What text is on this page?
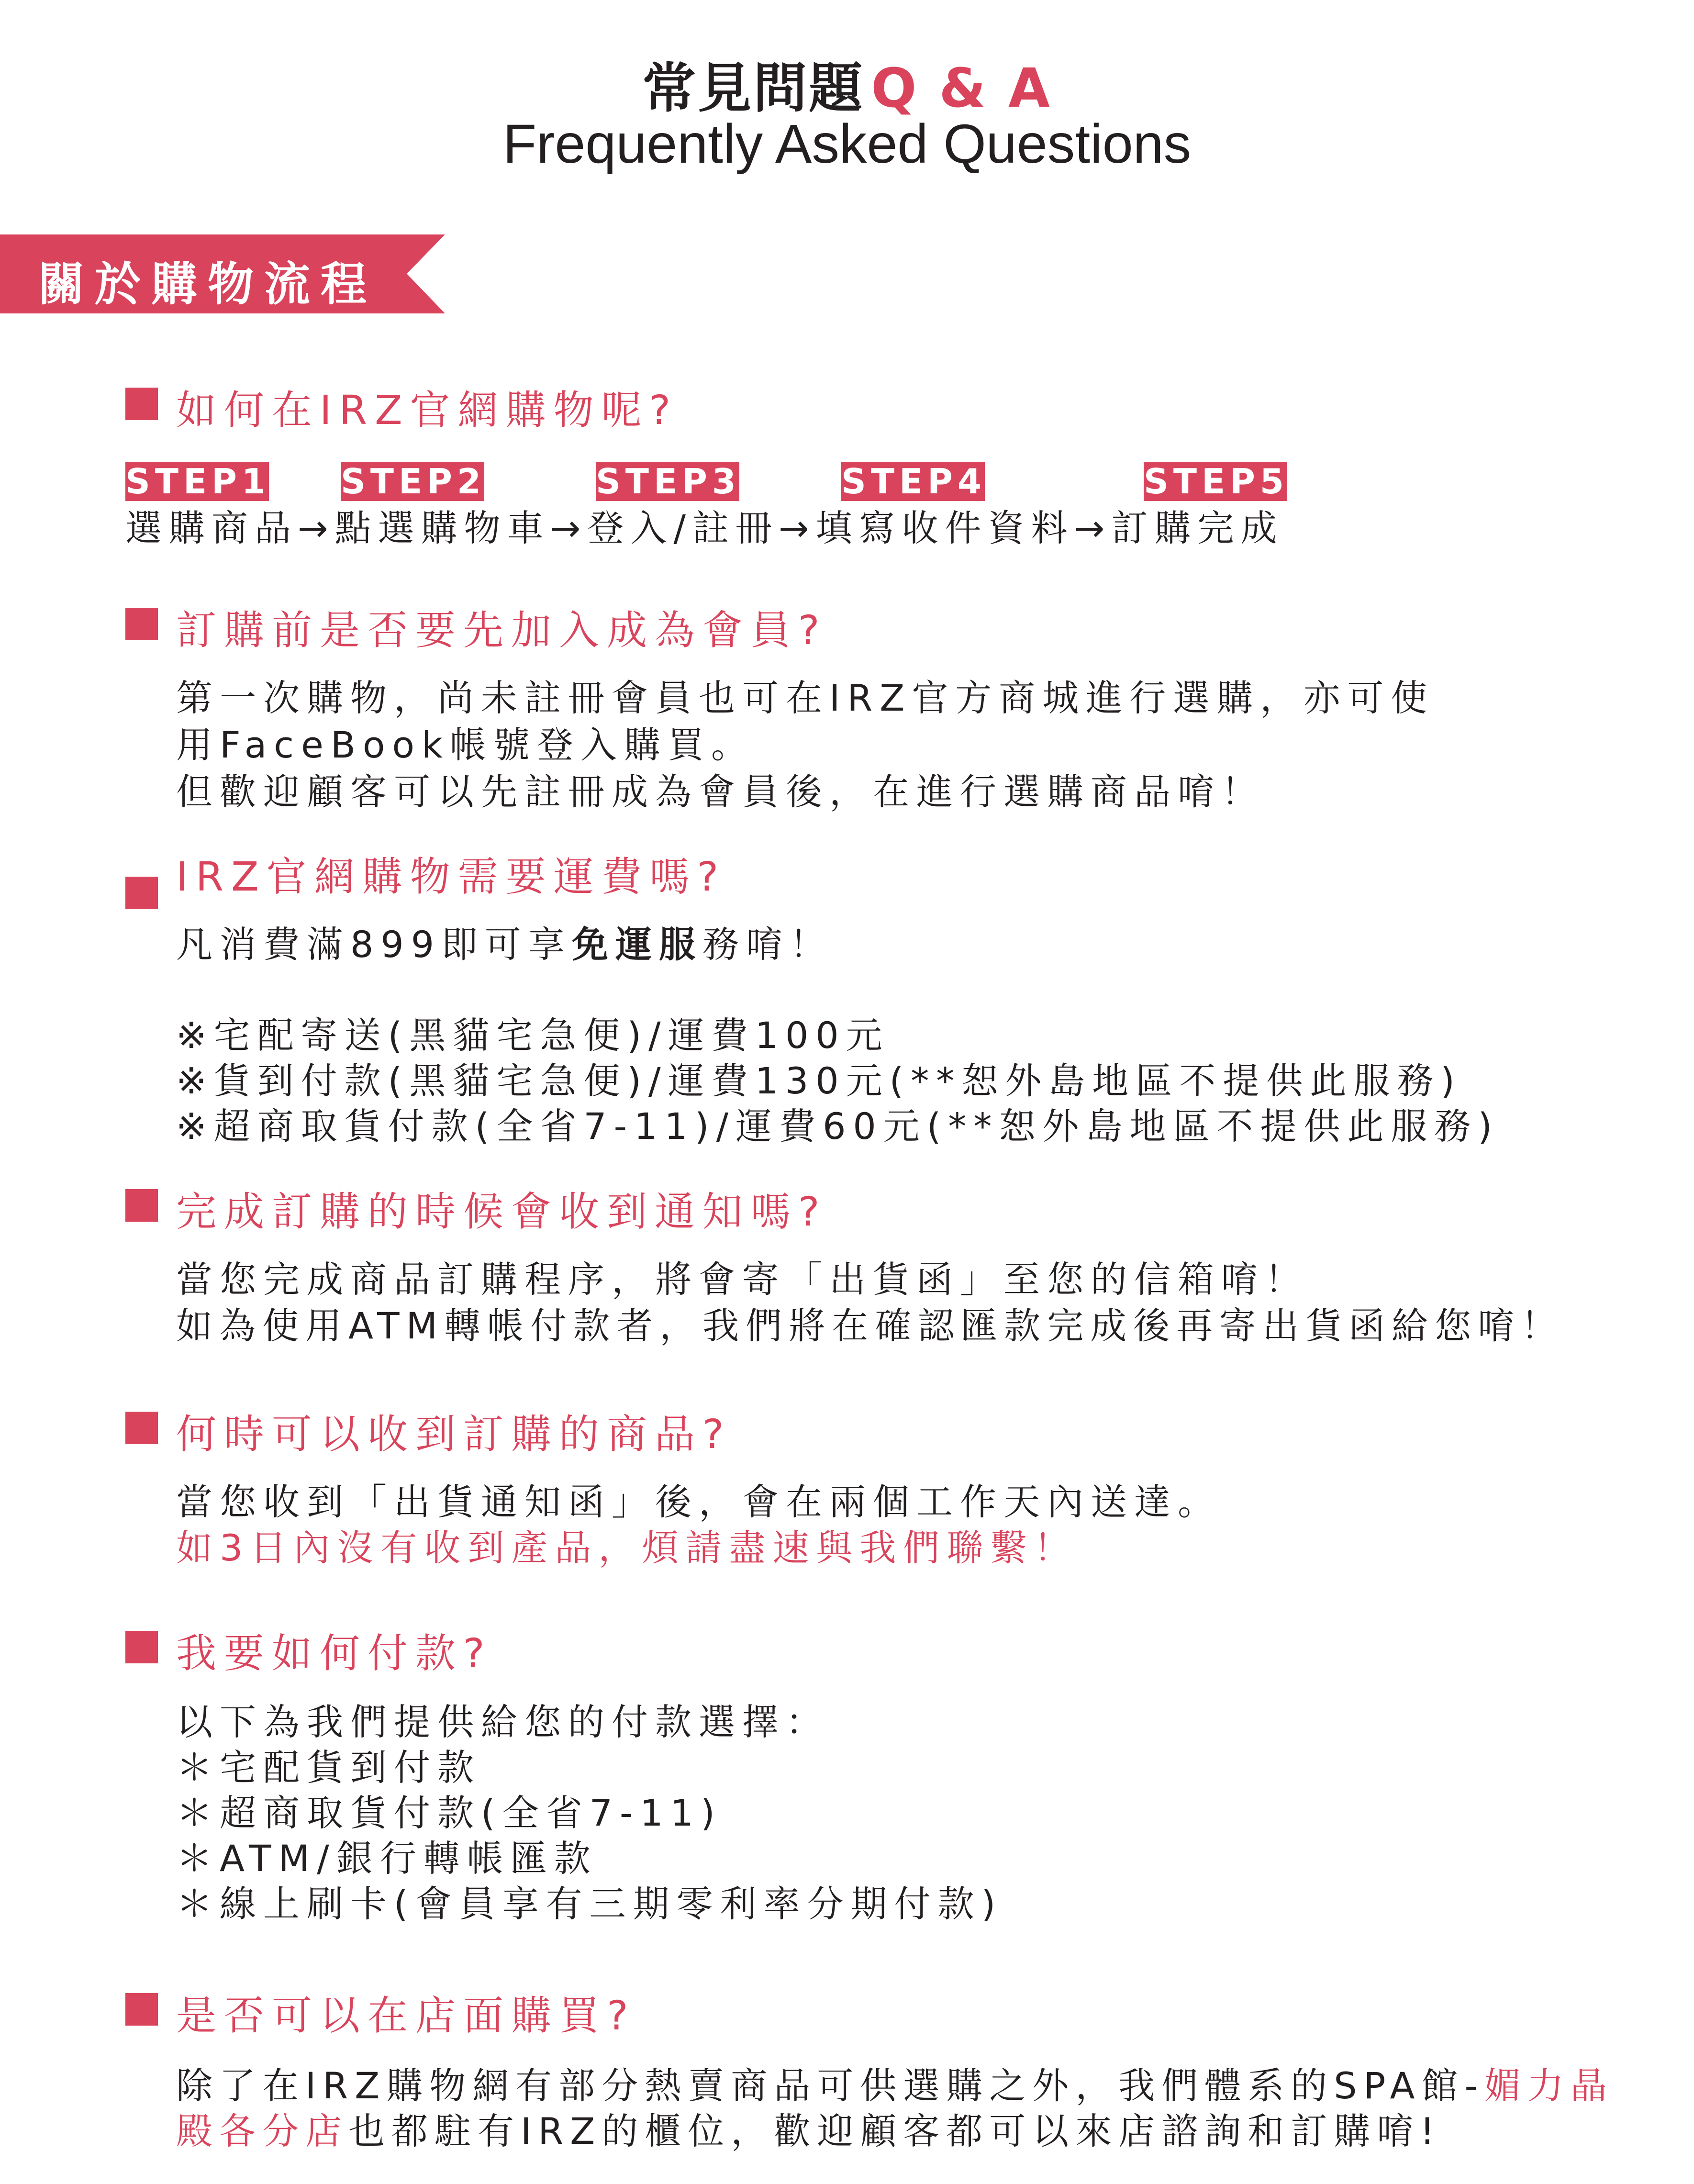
常見問題 Q & A
Frequently Asked Questions
關於購物流程
如何在IRZ官網購物呢?
STEP1 STEP2	STEP3	STEP4	STEP5
選購商品→點選購物車→登入/註冊→填寫收件資料→訂購完成
訂購前是否要先加入成為會員?
第一次購物，尚未註冊會員也可在IRZ官方商城進行選購，亦可使
用FaceBook帳號登入購買。
但歡迎顧客可以先註冊成為會員後，在進行選購商品唷！
IRZ官網購物需要運費嗎?
凡消費滿899即可享免運服務唷！
※宅配寄送(黑貓宅急便)/運費100元
※貨到付款(黑貓宅急便)/運費130元(**恕外島地區不提供此服務)
※超商取貨付款(全省7-11)/運費60元(**恕外島地區不提供此服務)
完成訂購的時候會收到通知嗎?
當您完成商品訂購程序，將會寄「出貨函」至您的信箱唷！
如為使用ATM轉帳付款者，我們將在確認匯款完成後再寄出貨函給您唷！
何時可以收到訂購的商品?
當您收到「出貨通知函」後，會在兩個工作天內送達。
如3日內沒有收到產品，煩請盡速與我們聯繫！
我要如何付款?
以下為我們提供給您的付款選擇：
＊宅配貨到付款
＊超商取貨付款(全省7-11)
＊ATM/銀行轉帳匯款
＊線上刷卡(會員享有三期零利率分期付款)
是否可以在店面購買?
除了在IRZ購物網有部分熱賣商品可供選購之外，我們體系的SPA館-媚力晶
殿各分店也都駐有IRZ的櫃位，歡迎顧客都可以來店諮詢和訂購唷!
